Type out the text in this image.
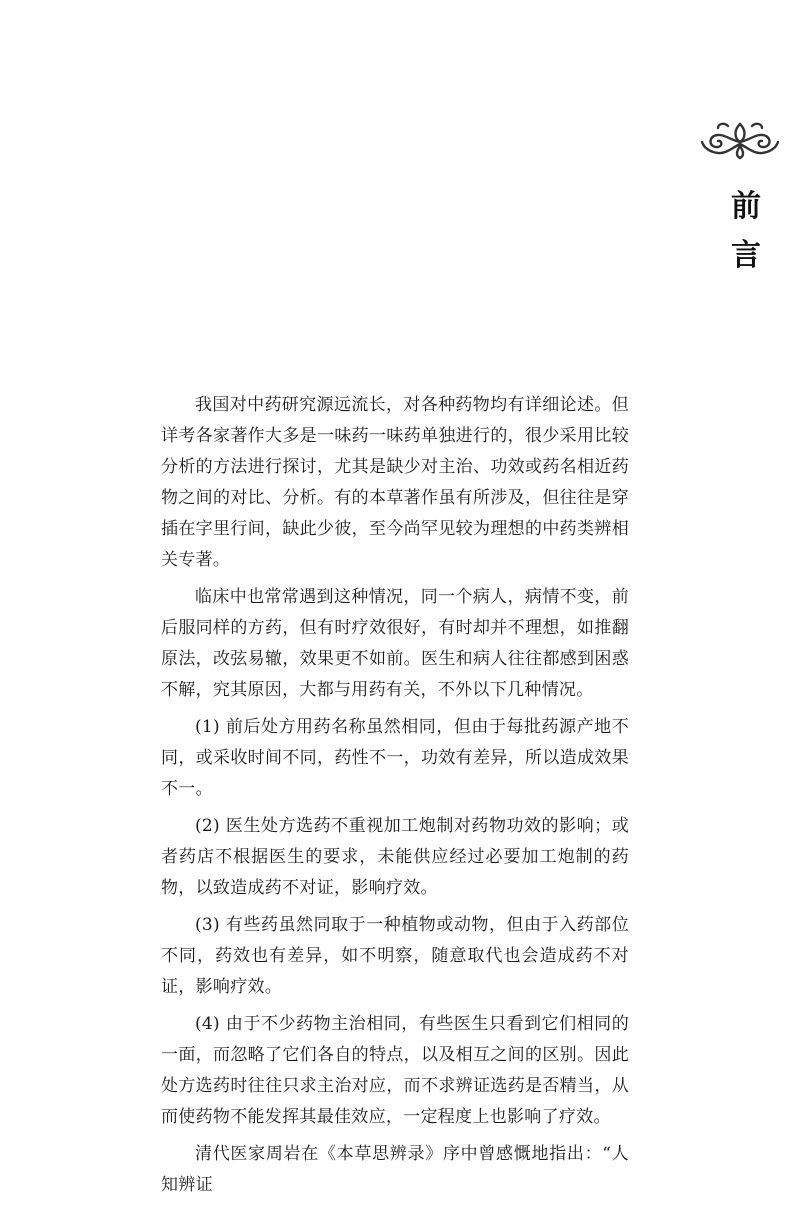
前
言

我国对中药研究源远流长，对各种药物均有详细论述。但详考各家著作大多是一味药一味药单独进行的，很少采用比较分析的方法进行探讨，尤其是缺少对主治、功效或药名相近药物之间的对比、分析。有的本草著作虽有所涉及，但往往是穿插在字里行间，缺此少彼，至今尚罕见较为理想的中药类辨相关专著。

临床中也常常遇到这种情况，同一个病人，病情不变，前后服同样的方药，但有时疗效很好，有时却并不理想，如推翻原法，改弦易辙，效果更不如前。医生和病人往往都感到困惑不解，究其原因，大都与用药有关，不外以下几种情况。

(1) 前后处方用药名称虽然相同，但由于每批药源产地不同，或采收时间不同，药性不一，功效有差异，所以造成效果不一。

(2) 医生处方选药不重视加工炮制对药物功效的影响；或者药店不根据医生的要求，未能供应经过必要加工炮制的药物，以致造成药不对证，影响疗效。

(3) 有些药虽然同取于一种植物或动物，但由于入药部位不同，药效也有差异，如不明察，随意取代也会造成药不对证，影响疗效。

(4) 由于不少药物主治相同，有些医生只看到它们相同的一面，而忽略了它们各自的特点，以及相互之间的区别。因此处方选药时往往只求主治对应，而不求辨证选药是否精当，从而使药物不能发挥其最佳效应，一定程度上也影响了疗效。

清代医家周岩在《本草思辨录》序中曾感慨地指出：“人知辨证
